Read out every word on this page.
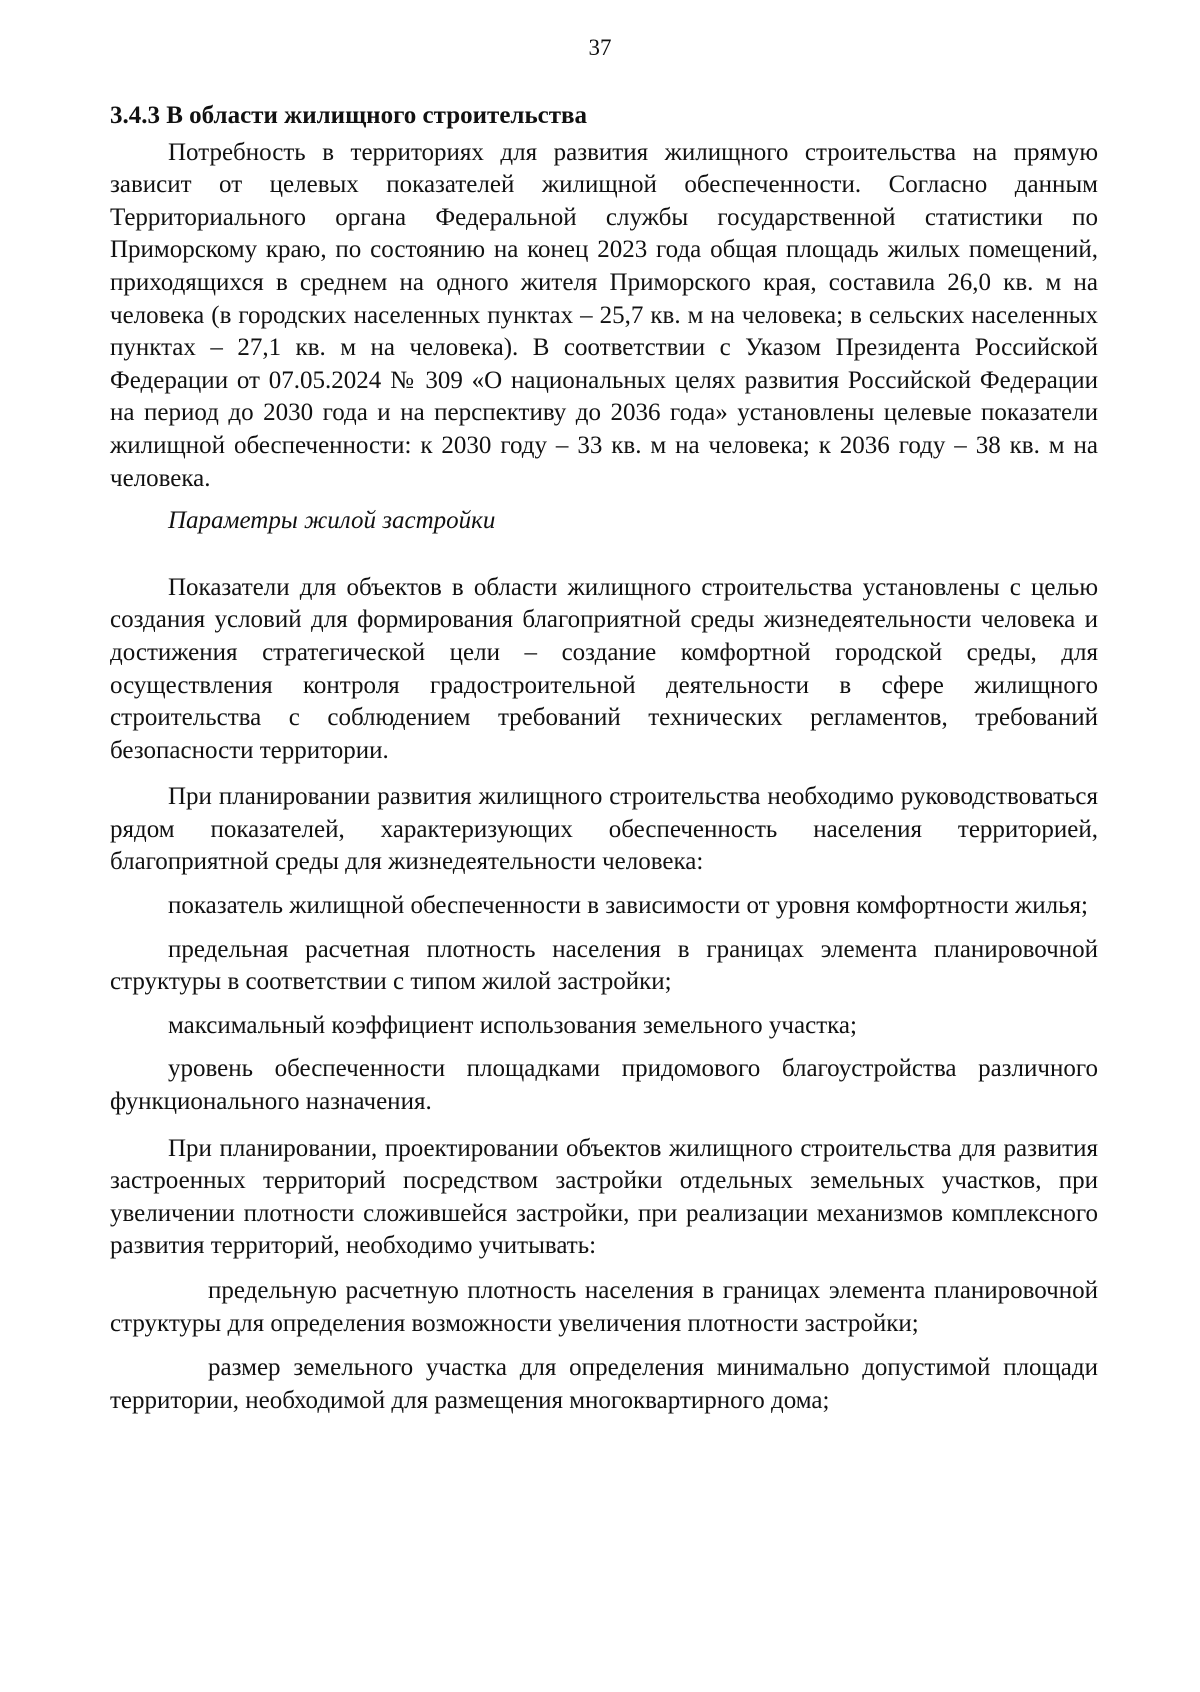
37
3.4.3 В области жилищного строительства

Потребность в территориях для развития жилищного строительства на прямую зависит от целевых показателей жилищной обеспеченности. Согласно данным Территориального органа Федеральной службы государственной статистики по Приморскому краю, по состоянию на конец 2023 года общая площадь жилых помещений, приходящихся в среднем на одного жителя Приморского края, составила 26,0 кв. м на человека (в городских населенных пунктах – 25,7 кв. м на человека; в сельских населенных пунктах – 27,1 кв. м на человека). В соответствии с Указом Президента Российской Федерации от 07.05.2024 № 309 «О национальных целях развития Российской Федерации на период до 2030 года и на перспективу до 2036 года» установлены целевые показатели жилищной обеспеченности: к 2030 году – 33 кв. м на человека; к 2036 году – 38 кв. м на человека.

Параметры жилой застройки

Показатели для объектов в области жилищного строительства установлены с целью создания условий для формирования благоприятной среды жизнедеятельности человека и достижения стратегической цели – создание комфортной городской среды, для осуществления контроля градостроительной деятельности в сфере жилищного строительства с соблюдением требований технических регламентов, требований безопасности территории.

При планировании развития жилищного строительства необходимо руководствоваться рядом показателей, характеризующих обеспеченность населения территорией, благоприятной среды для жизнедеятельности человека:

показатель жилищной обеспеченности в зависимости от уровня комфортности жилья;

предельная расчетная плотность населения в границах элемента планировочной структуры в соответствии с типом жилой застройки;

максимальный коэффициент использования земельного участка;

уровень обеспеченности площадками придомового благоустройства различного функционального назначения.

При планировании, проектировании объектов жилищного строительства для развития застроенных территорий посредством застройки отдельных земельных участков, при увеличении плотности сложившейся застройки, при реализации механизмов комплексного развития территорий, необходимо учитывать:

предельную расчетную плотность населения в границах элемента планировочной структуры для определения возможности увеличения плотности застройки;

размер земельного участка для определения минимально допустимой площади территории, необходимой для размещения многоквартирного дома;
